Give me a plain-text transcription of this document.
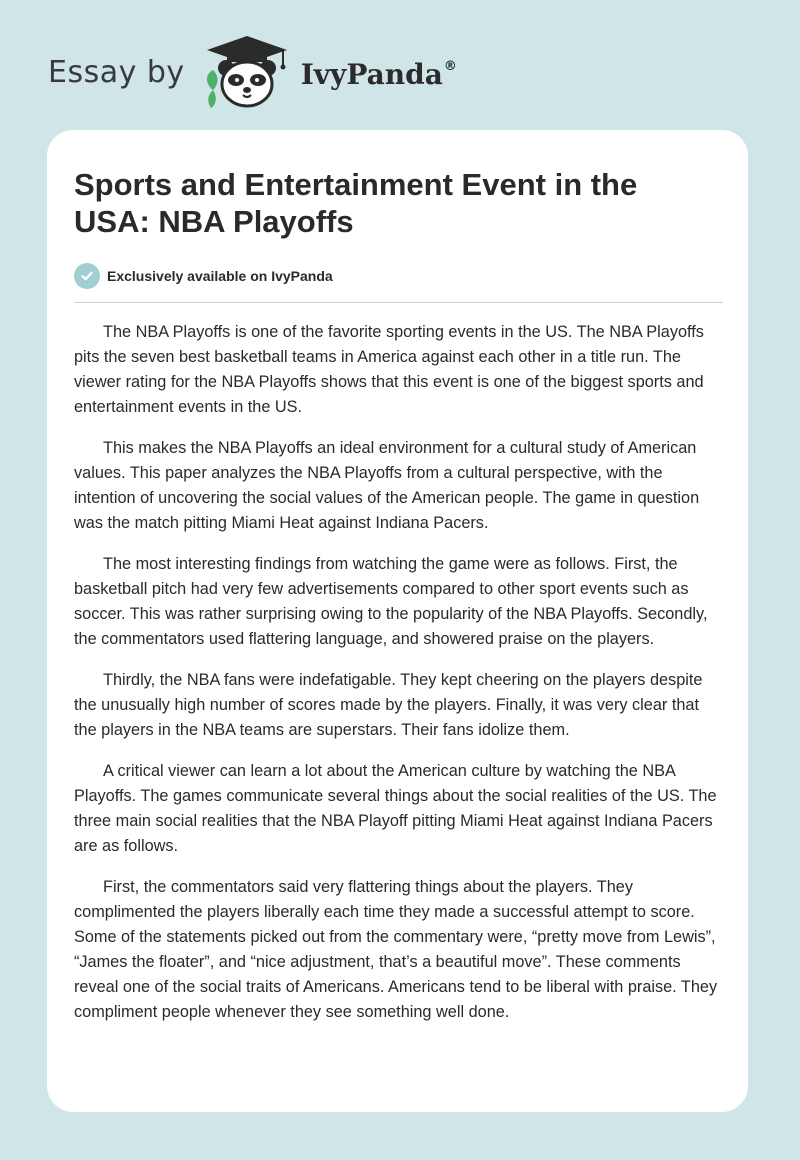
Essay by	IvyPanda®
Sports and Entertainment Event in the USA: NBA Playoffs
Exclusively available on IvyPanda

The NBA Playoffs is one of the favorite sporting events in the US. The NBA Playoffs pits the seven best basketball teams in America against each other in a title run. The viewer rating for the NBA Playoffs shows that this event is one of the biggest sports and entertainment events in the US.

This makes the NBA Playoffs an ideal environment for a cultural study of American values. This paper analyzes the NBA Playoffs from a cultural perspective, with the intention of uncovering the social values of the American people. The game in question was the match pitting Miami Heat against Indiana Pacers.

The most interesting findings from watching the game were as follows. First, the basketball pitch had very few advertisements compared to other sport events such as soccer. This was rather surprising owing to the popularity of the NBA Playoffs. Secondly, the commentators used flattering language, and showered praise on the players.

Thirdly, the NBA fans were indefatigable. They kept cheering on the players despite the unusually high number of scores made by the players. Finally, it was very clear that the players in the NBA teams are superstars. Their fans idolize them.

A critical viewer can learn a lot about the American culture by watching the NBA Playoffs. The games communicate several things about the social realities of the US. The three main social realities that the NBA Playoff pitting Miami Heat against Indiana Pacers are as follows.

First, the commentators said very flattering things about the players. They complimented the players liberally each time they made a successful attempt to score. Some of the statements picked out from the commentary were, “pretty move from Lewis”, “James the floater”, and “nice adjustment, that’s a beautiful move”. These comments reveal one of the social traits of Americans. Americans tend to be liberal with praise. They compliment people whenever they see something well done.
